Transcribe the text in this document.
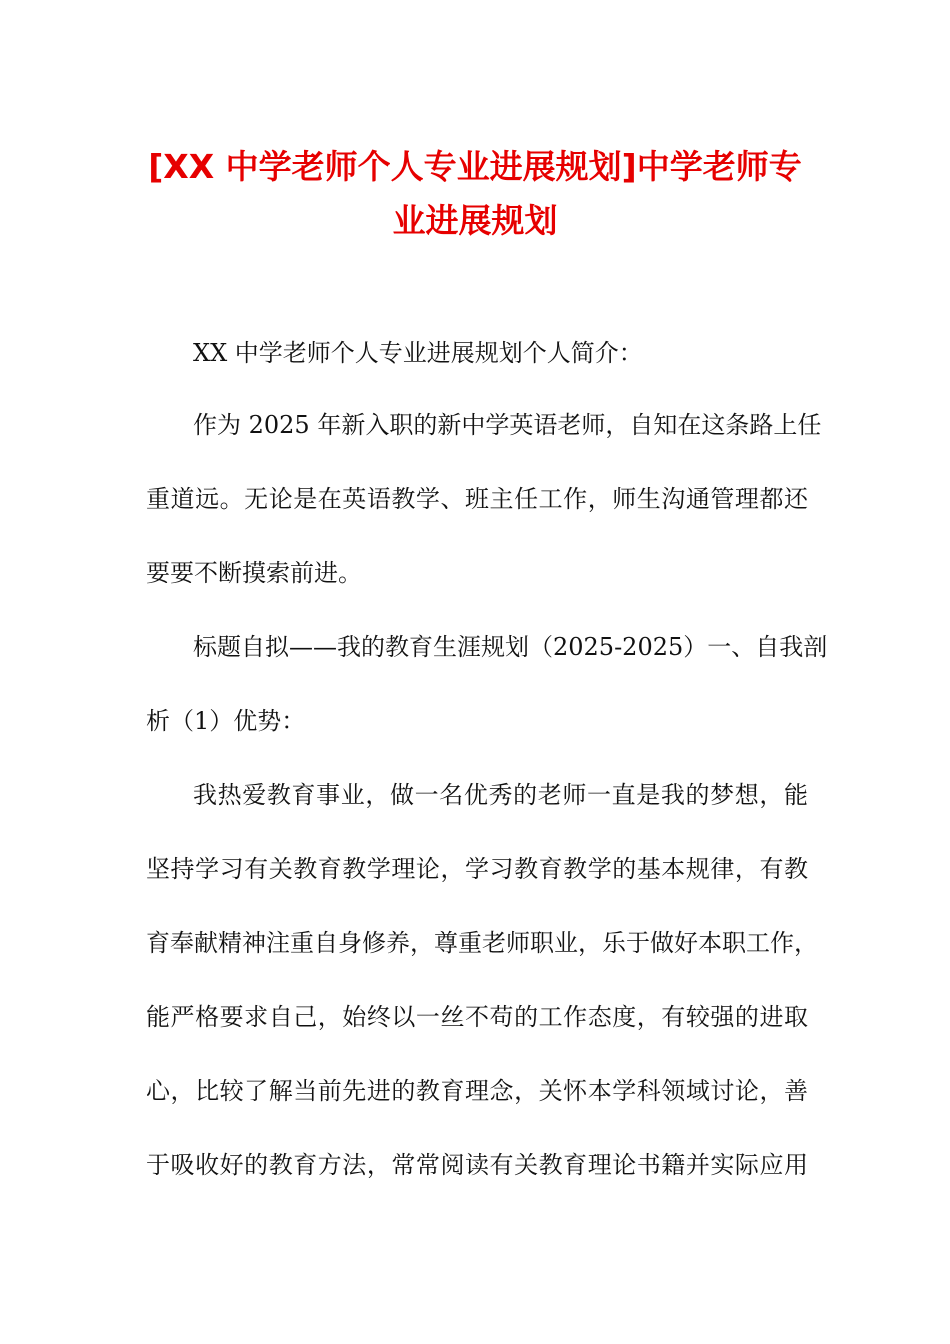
[XX 中学老师个人专业进展规划]中学老师专
业进展规划
XX 中学老师个人专业进展规划个人简介：
作为 2025 年新入职的新中学英语老师，自知在这条路上任
重道远。无论是在英语教学、班主任工作，师生沟通管理都还
要要不断摸索前进。
标题自拟——我的教育生涯规划（2025-2025）一、自我剖
析（1）优势：
我热爱教育事业，做一名优秀的老师一直是我的梦想，能
坚持学习有关教育教学理论，学习教育教学的基本规律，有教
育奉献精神注重自身修养，尊重老师职业，乐于做好本职工作，
能严格要求自己，始终以一丝不苟的工作态度，有较强的进取
心，比较了解当前先进的教育理念，关怀本学科领域讨论，善
于吸收好的教育方法，常常阅读有关教育理论书籍并实际应用
